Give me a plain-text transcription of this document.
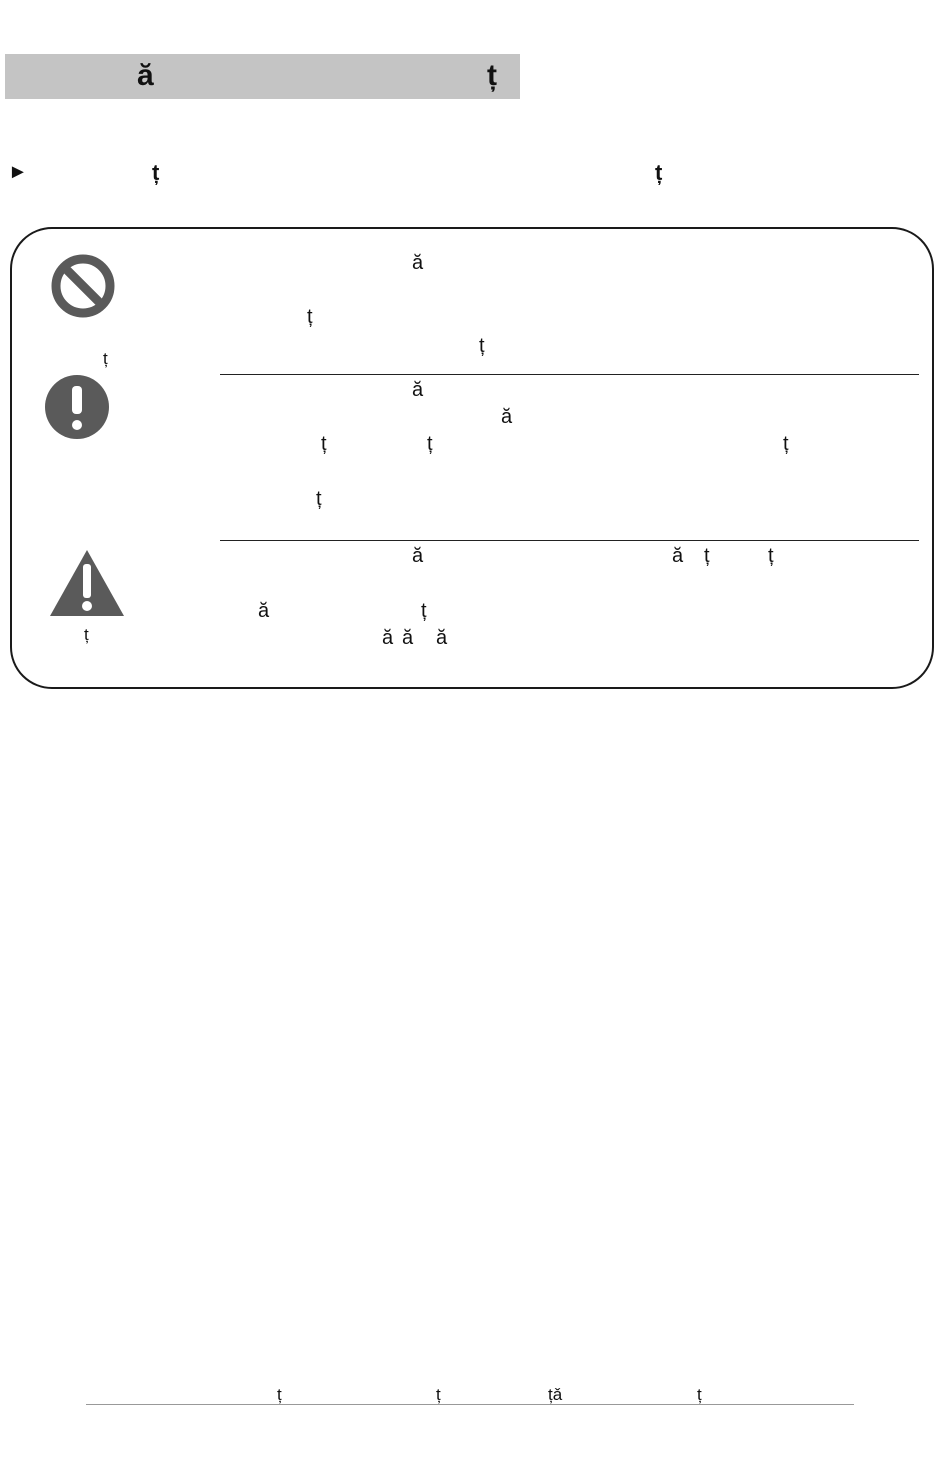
ă	ț
►	ț	ț
ț
ă
ț
ț
ă
ă
ț	ț	ț
ț
ț
ă	ă ț	ț
ă	ț
ă ă ă
ț	ț	țǎ	ț
